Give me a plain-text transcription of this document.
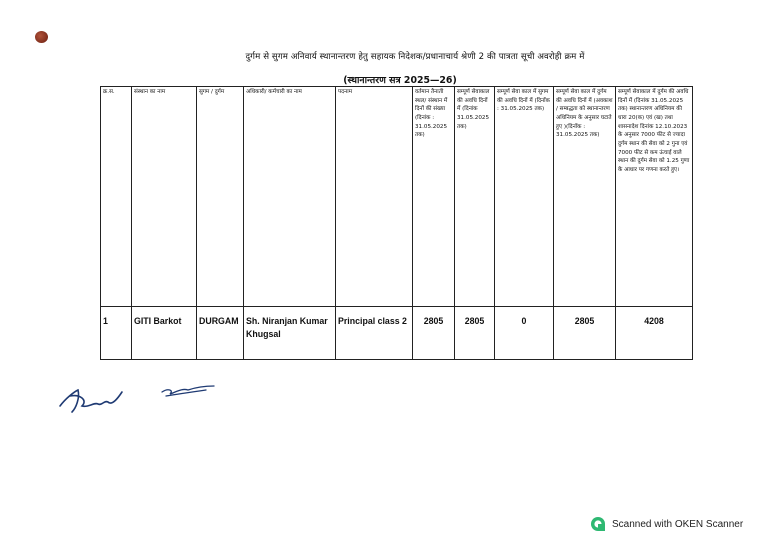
दुर्गम से सुगम अनिवार्य स्थानान्तरण हेतु सहायक निदेशक/प्रधानाचार्य श्रेणी 2 की पात्रता सूची अवरोही क्रम में
(स्थानान्तरण सत्र 2025—26)
क्र.स.	संस्थान का नाम	सुगम / दुर्गम	अधिकारी/ कर्मचारी का नाम	पदनाम	वर्तमान तैनाती स्थल/ संस्थान में दिनों की संख्या (दिनांक : 31.05.2025 तक)	सम्पूर्ण सेवाकाल की अवधि दिनों में (दिनांक 31.05.2025 तक)	सम्पूर्ण सेवा काल में सुगम की अवधि दिनों में (दिनाँक : 31.05.2025 तक)	सम्पूर्ण सेवा काल में दुर्गम की अवधि दिनों में (अवकाश / सम्बद्धता को स्थानान्तरण अधिनियम के अनुसार घटाते हुए )(दिनाँक : 31.05.2025 तक)	सम्पूर्ण सेवाकाल में दुर्गम की अवधि दिनों में (दिनांक 31.05.2025 तक) स्थानान्तरण अधिनियम की धारा 20(क) एवं (ख) तथा शासनादेश दिनांक 12.10.2023 के अनुसार 7000 फीट से ज्यादा दुर्गम स्थान की सेवा को 2 गुना एवं 7000 फीट से कम ऊंचाई वाले स्थान की दुर्गम सेवा को 1.25 गुणा के आधार पर गणना करते हुए।
1	GITI Barkot	DURGAM	Sh. Niranjan Kumar Khugsal	Principal class 2	2805	2805	0	2805	4208
Scanned with OKEN Scanner
